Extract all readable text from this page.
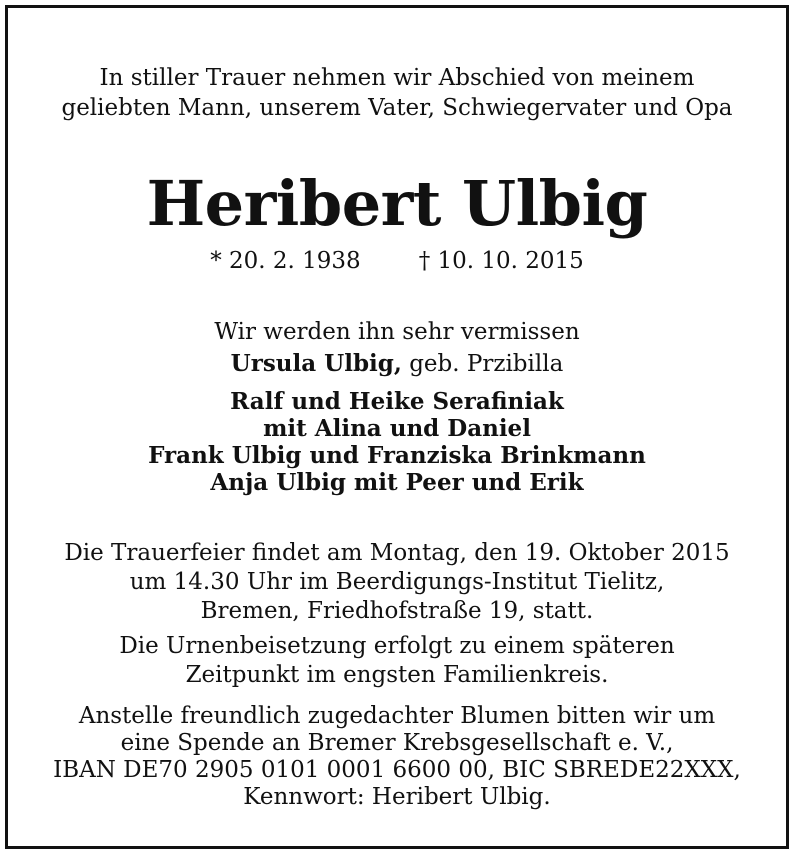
In stiller Trauer nehmen wir Abschied von meinem
geliebten Mann, unserem Vater, Schwiegervater und Opa
Heribert Ulbig
* 20. 2. 1938	† 10. 10. 2015
Wir werden ihn sehr vermissen
Ursula Ulbig, geb. Przibilla
Ralf und Heike Serafiniak
mit Alina und Daniel
Frank Ulbig und Franziska Brinkmann
Anja Ulbig mit Peer und Erik
Die Trauerfeier findet am Montag, den 19. Oktober 2015
um 14.30 Uhr im Beerdigungs-Institut Tielitz,
Bremen, Friedhofstraße 19, statt.
Die Urnenbeisetzung erfolgt zu einem späteren
Zeitpunkt im engsten Familienkreis.
Anstelle freundlich zugedachter Blumen bitten wir um
eine Spende an Bremer Krebsgesellschaft e. V.,
IBAN DE70 2905 0101 0001 6600 00, BIC SBREDE22XXX,
Kennwort: Heribert Ulbig.
